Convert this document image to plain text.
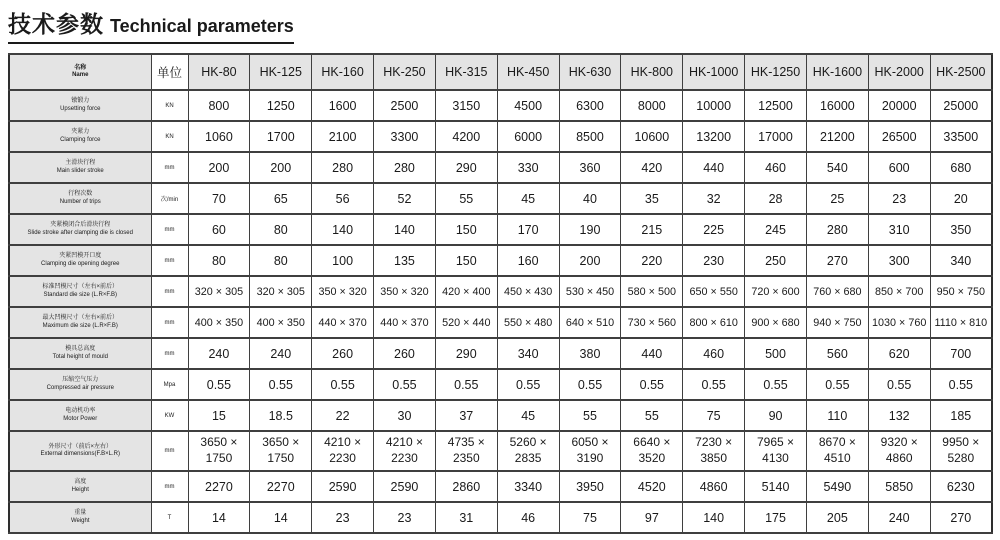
技术参数 Technical parameters
名称
Name	单位	HK-80	HK-125	HK-160	HK-250	HK-315	HK-450	HK-630	HK-800	HK-1000	HK-1250	HK-1600	HK-2000	HK-2500

镦锻力
Upsetting force	KN	800	1250	1600	2500	3150	4500	6300	8000	10000	12500	16000	20000	25000

夹紧力
Clamping force	KN	1060	1700	2100	3300	4200	6000	8500	10600	13200	17000	21200	26500	33500

主滑块行程
Main slider stroke	mm	200	200	280	280	290	330	360	420	440	460	540	600	680

行程次数
Number of trips	次/min	70	65	56	52	55	45	40	35	32	28	25	23	20

夹紧模闭合后滑块行程
Slide stroke after clamping die is closed	mm	60	80	140	140	150	170	190	215	225	245	280	310	350

夹紧凹模开口度
Clamping die opening degree	mm	80	80	100	135	150	160	200	220	230	250	270	300	340

标准凹模尺寸（左右×前后）
Standard die size (L.R×F.B)	mm	320 × 305	320 × 305	350 × 320	350 × 320	420 × 400	450 × 430	530 × 450	580 × 500	650 × 550	720 × 600	760 × 680	850 × 700	950 × 750

最大凹模尺寸（左右×前后）
Maximum die size (L.R×F.B)	mm	400 × 350	400 × 350	440 × 370	440 × 370	520 × 440	550 × 480	640 × 510	730 × 560	800 × 610	900 × 680	940 × 750	1030 × 760	1110 × 810

模具总高度
Total height of mould	mm	240	240	260	260	290	340	380	440	460	500	560	620	700

压缩空气压力
Compressed air pressure	Mpa	0.55	0.55	0.55	0.55	0.55	0.55	0.55	0.55	0.55	0.55	0.55	0.55	0.55

电动机功率
Motor Power	KW	15	18.5	22	30	37	45	55	55	75	90	110	132	185

外形尺寸（前后×左右）
External dimensions(F.B×L.R)	mm	3650 × 1750	3650 × 1750	4210 × 2230	4210 × 2230	4735 × 2350	5260 × 2835	6050 × 3190	6640 × 3520	7230 × 3850	7965 × 4130	8670 × 4510	9320 × 4860	9950 × 5280

高度
Height	mm	2270	2270	2590	2590	2860	3340	3950	4520	4860	5140	5490	5850	6230

重量
Weight	T	14	14	23	23	31	46	75	97	140	175	205	240	270
